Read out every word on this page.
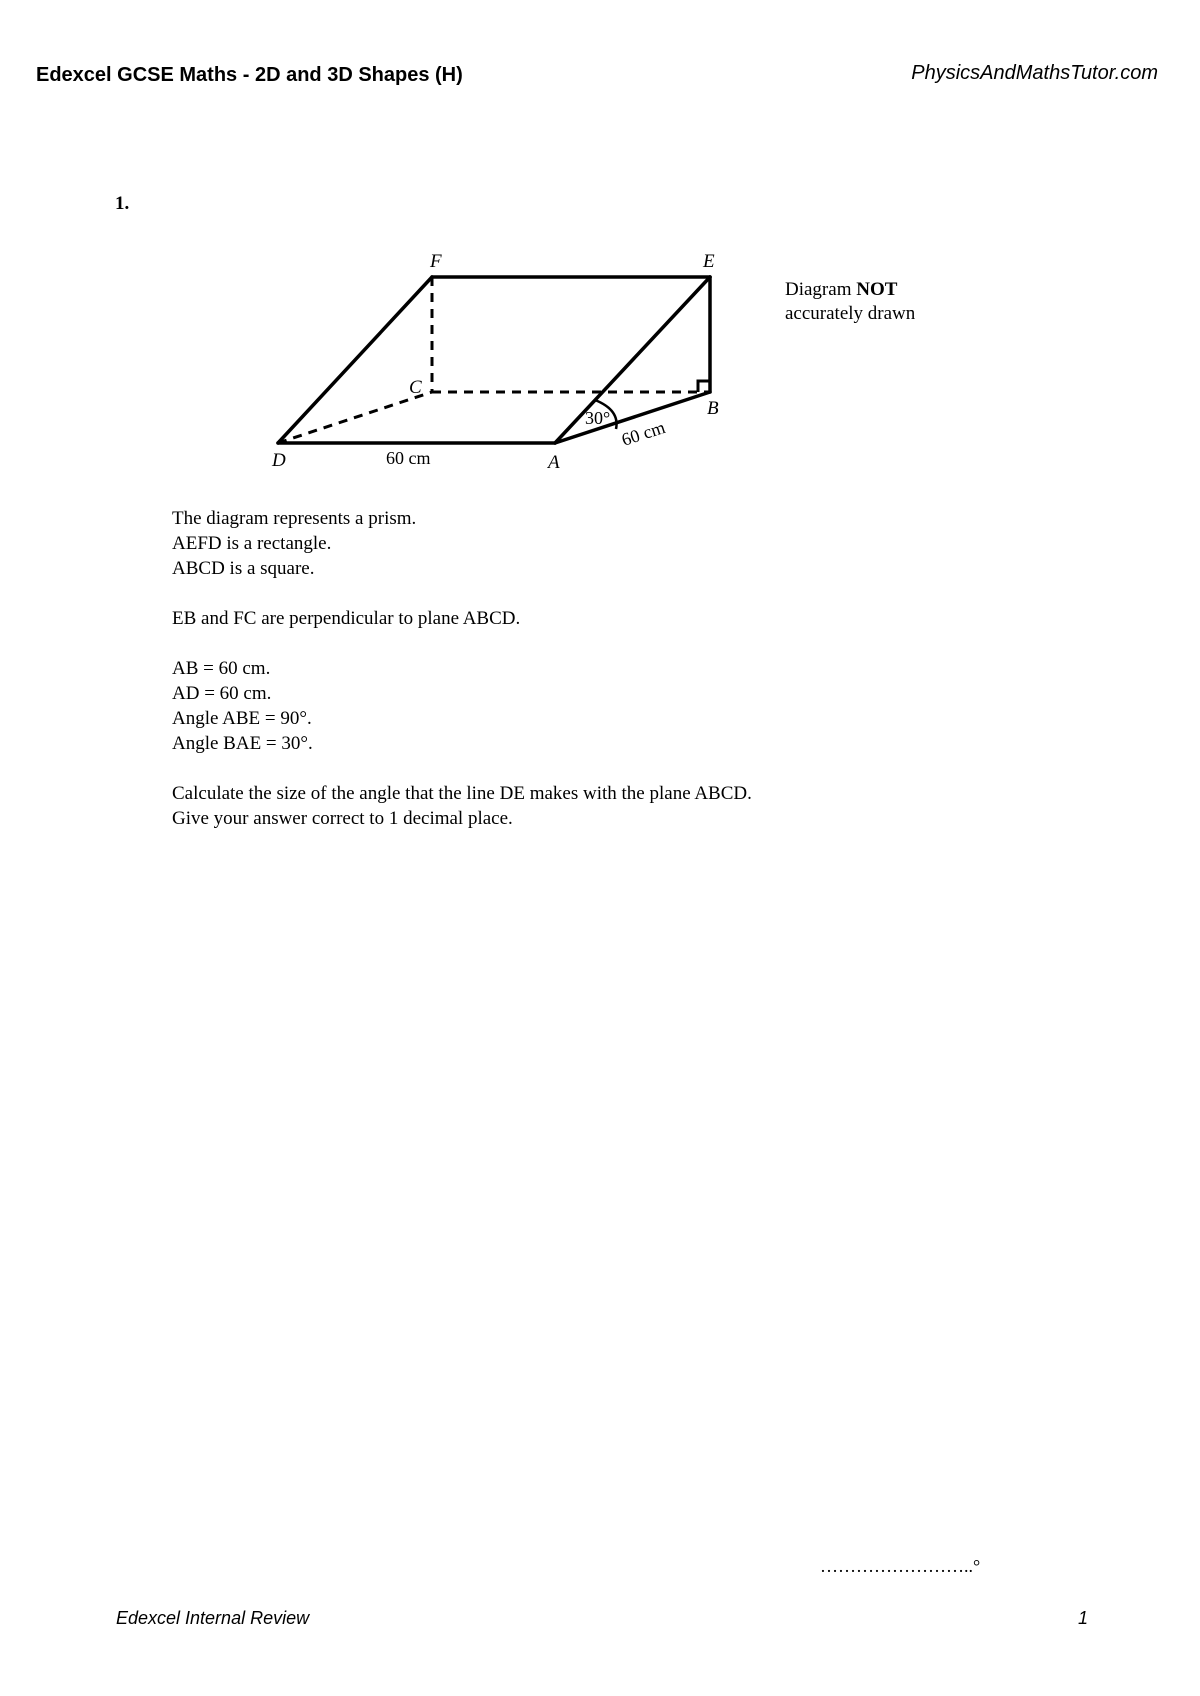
Edexcel GCSE Maths - 2D and 3D Shapes (H)	PhysicsAndMathsTutor.com
1.
F	E
C
B
D	A
30°
60 cm
60 cm
Diagram NOT
accurately drawn

The diagram represents a prism.
AEFD is a rectangle.
ABCD is a square.

EB and FC are perpendicular to plane ABCD.

AB = 60 cm.
AD = 60 cm.
Angle ABE = 90°.
Angle BAE = 30°.

Calculate the size of the angle that the line DE makes with the plane ABCD.
Give your answer correct to 1 decimal place.

……………………..°
Edexcel Internal Review	1
